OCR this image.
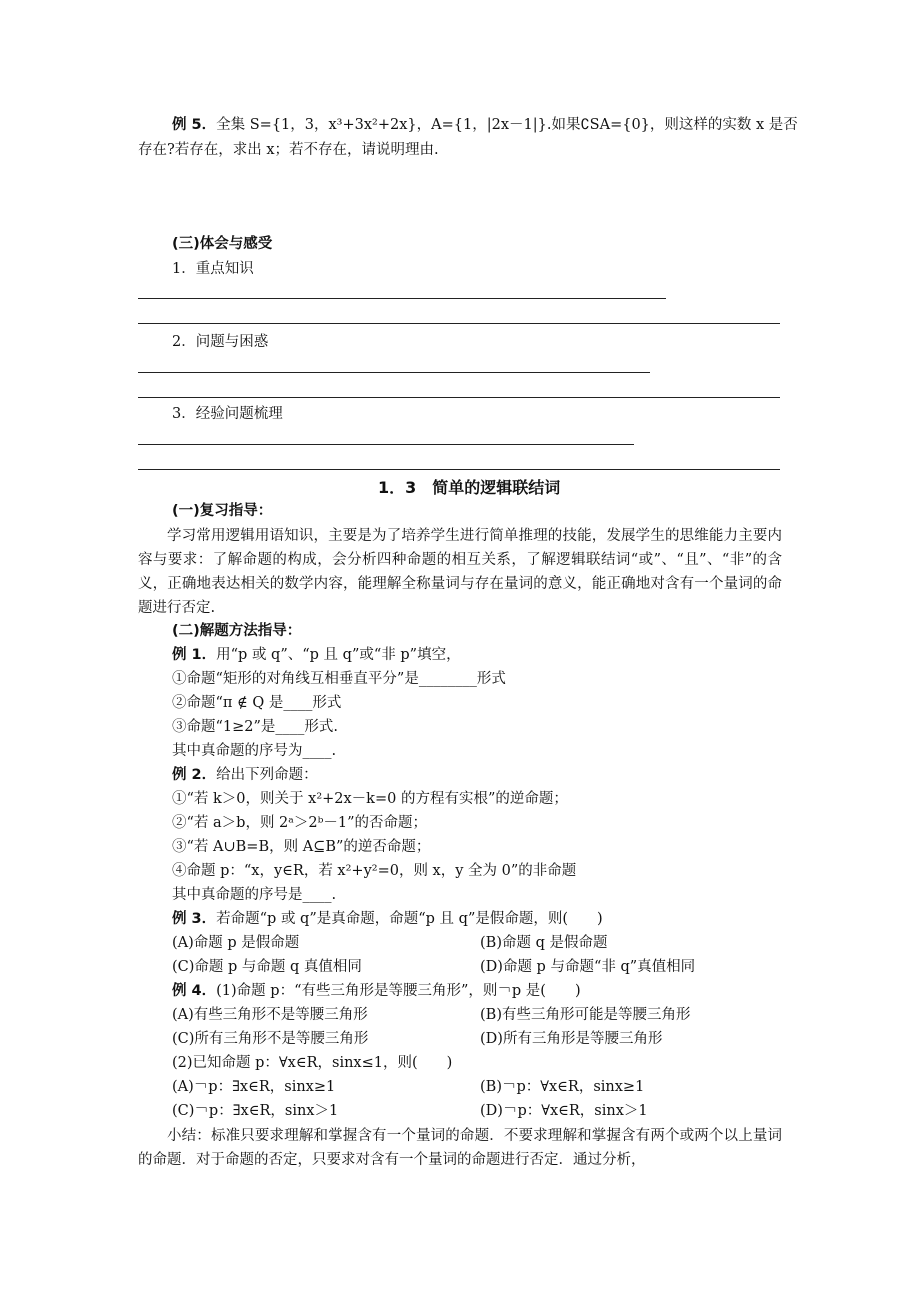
例 5．全集 S={1，3，x³+3x²+2x}，A={1，|2x－1|}.如果∁SA={0}，则这样的实数 x 是否
存在?若存在，求出 x；若不存在，请说明理由.
(三)体会与感受
1．重点知识
2．问题与困惑
3．经验问题梳理
1．3　简单的逻辑联结词
(一)复习指导：
学习常用逻辑用语知识，主要是为了培养学生进行简单推理的技能，发展学生的思维能力主要内容与要求：了解命题的构成，会分析四种命题的相互关系，了解逻辑联结词“或”、“且”、“非”的含义，正确地表达相关的数学内容，能理解全称量词与存在量词的意义，能正确地对含有一个量词的命题进行否定.
(二)解题方法指导：
例 1．用“p 或 q”、“p 且 q”或“非 p”填空，
①命题“矩形的对角线互相垂直平分”是________形式
②命题“π ∉ Q 是____形式
③命题“1≥2”是____形式.
其中真命题的序号为____.
例 2．给出下列命题：
①“若 k＞0，则关于 x²+2x－k=0 的方程有实根”的逆命题；
②“若 a＞b，则 2ᵃ＞2ᵇ－1”的否命题；
③“若 A∪B=B，则 A⊆B”的逆否命题；
④命题 p：“x，y∈R，若 x²+y²=0，则 x，y 全为 0”的非命题
其中真命题的序号是____.
例 3．若命题“p 或 q”是真命题，命题“p 且 q”是假命题，则(　　)
(A)命题 p 是假命题	(B)命题 q 是假命题
(C)命题 p 与命题 q 真值相同	(D)命题 p 与命题“非 q”真值相同
例 4．(1)命题 p：“有些三角形是等腰三角形”，则￢p 是(　　)
(A)有些三角形不是等腰三角形	(B)有些三角形可能是等腰三角形
(C)所有三角形不是等腰三角形	(D)所有三角形是等腰三角形
(2)已知命题 p：∀x∈R，sinx≤1，则(　　)
(A)￢p：∃x∈R，sinx≥1	(B)￢p：∀x∈R，sinx≥1
(C)￢p：∃x∈R，sinx＞1	(D)￢p：∀x∈R，sinx＞1
小结：标准只要求理解和掌握含有一个量词的命题．不要求理解和掌握含有两个或两个以上量词的命题．对于命题的否定，只要求对含有一个量词的命题进行否定．通过分析，
